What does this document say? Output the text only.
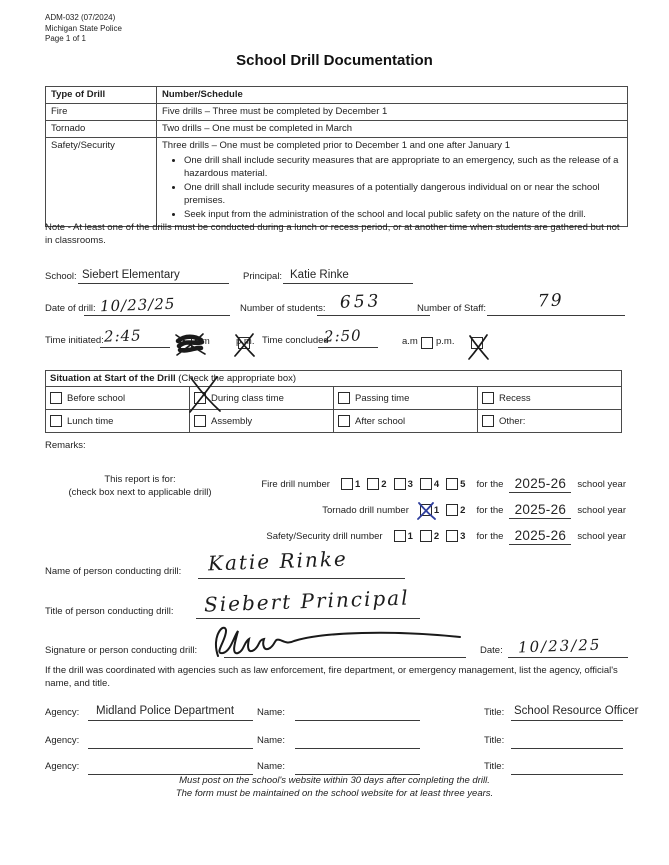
ADM-032 (07/2024)
Michigan State Police
Page 1 of 1
School Drill Documentation
Type of Drill	Number/Schedule
Fire	Five drills – Three must be completed by December 1
Tornado	Two drills – One must be completed in March
Safety/Security	Three drills – One must be completed prior to December 1 and one after January 1
• One drill shall include security measures that are appropriate to an emergency, such as the release of a hazardous material.
• One drill shall include security measures of a potentially dangerous individual on or near the school premises.
• Seek input from the administration of the school and local public safety on the nature of the drill.
Note - At least one of the drills must be conducted during a lunch or recess period, or at another time when students are gathered but not in classrooms.
School: Siebert Elementary	Principal: Katie Rinke
Date of drill: 10/23/25	Number of students: 653	Number of Staff:	79
Time initiated: 2:45
	a.m
	p.m. Time concluded
2:50
	a.m p.m.
Situation at Start of the Drill (Check the appropriate box)			

Before school	During class time	Passing time	Recess

Lunch time	Assembly	After school	Other:
Remarks:
This report is for:
(check box next to applicable drill)
Fire drill number	1 2 3 4 5 for the 2025-26	school year
Tornado drill number	1 2 for the 2025-26	school year
Safety/Security drill number	1 2 3 for the 2025-26	school year
Name of person conducting drill: Katie Rinke
Title of person conducting drill: Siebert Principal
Signature or person conducting drill:	Date: 10/23/25
If the drill was coordinated with agencies such as law enforcement, fire department, or emergency management, list the agency, official's name, and title.
Agency: Midland Police Department Name:	Title: School Resource Officer
Agency:	Name:	Title:
Agency:	Name:	Title:
Must post on the school's website within 30 days after completing the drill.
The form must be maintained on the school website for at least three years.
